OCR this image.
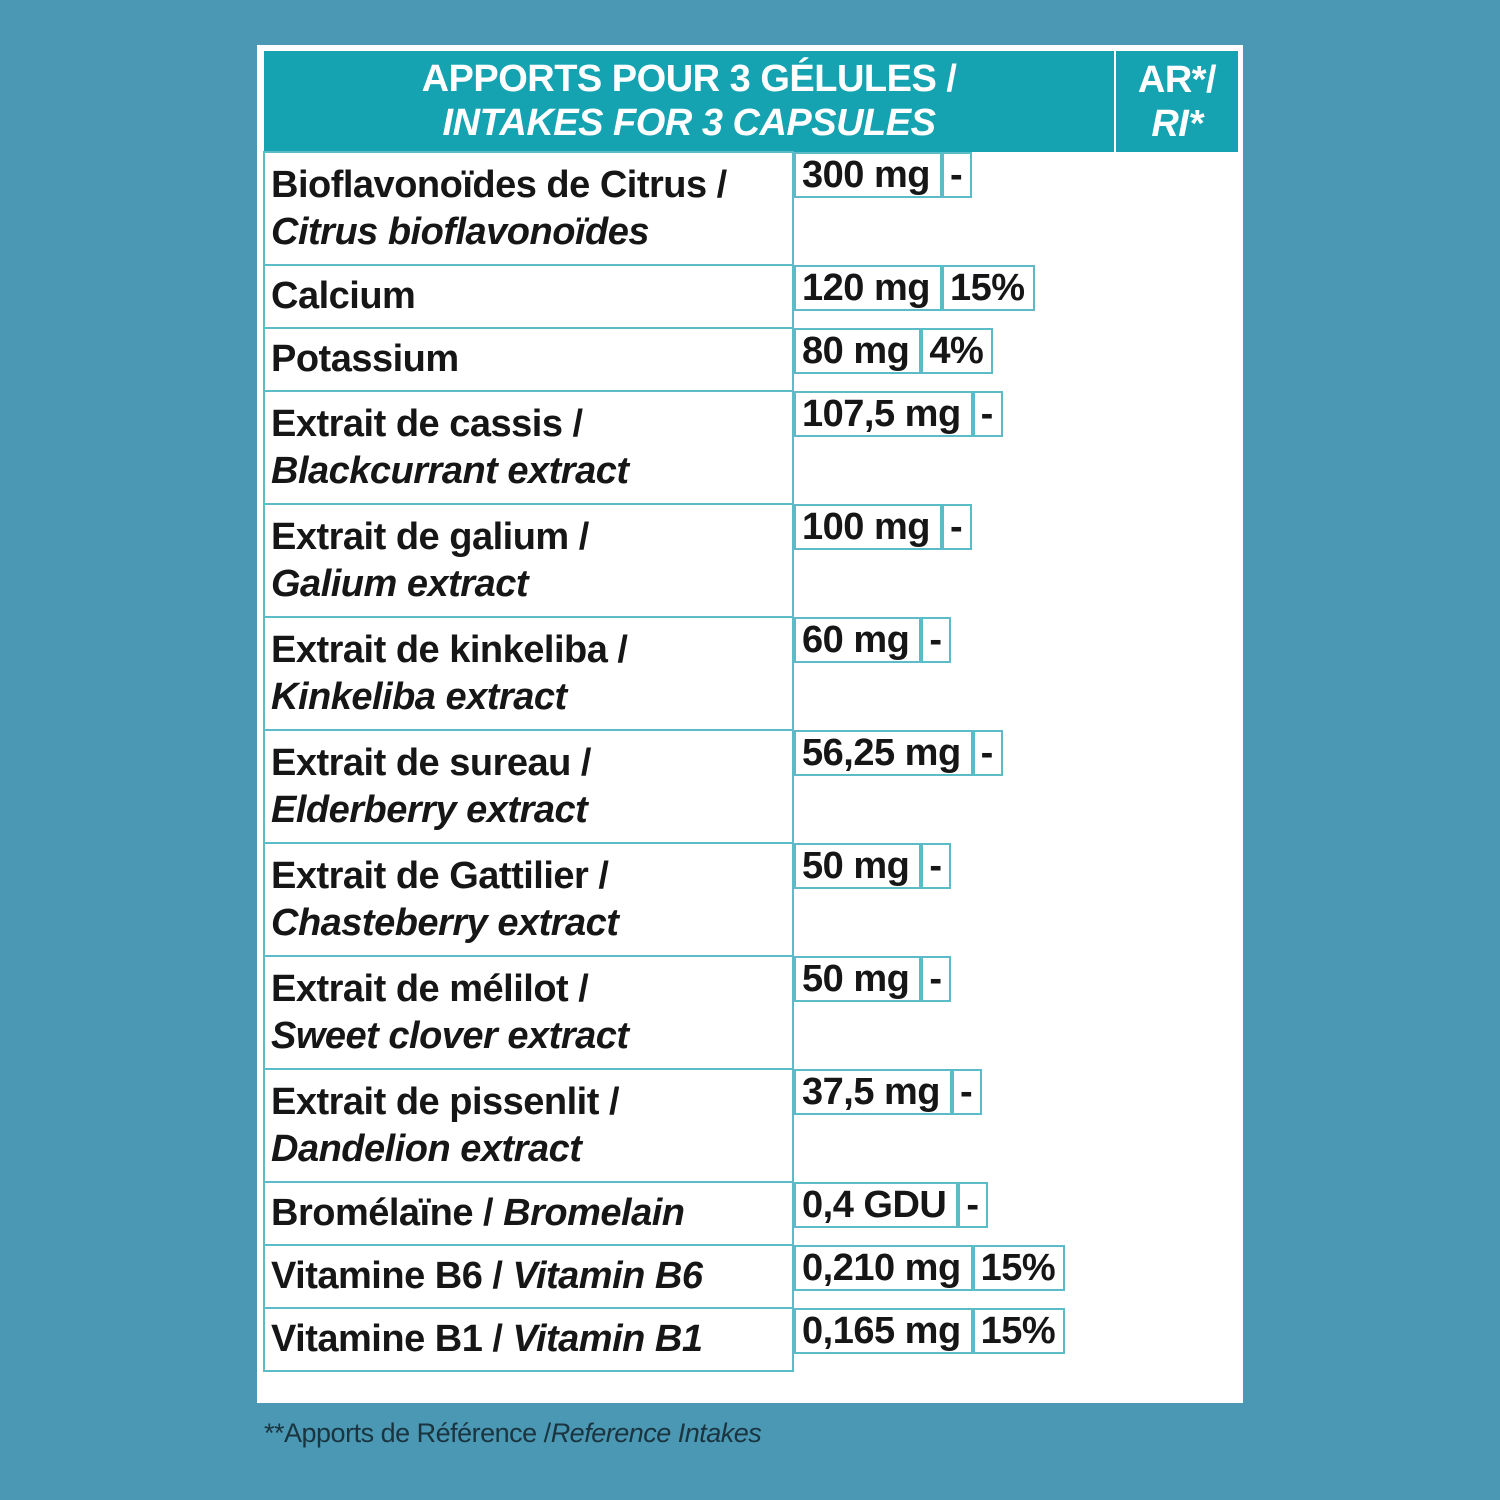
APPORTS POUR 3 GÉLULES /
INTAKES FOR 3 CAPSULES	AR*/
RI*

Bioflavonoïdes de Citrus /
Citrus bioflavonoïdes
	300 mg -
Calcium		120 mg 15%
Potassium		80 mg 4%

Extrait de cassis /
Blackcurrant extract
	107,5 mg -

Extrait de galium /
Galium extract
	100 mg -

Extrait de kinkeliba /
Kinkeliba extract
	60 mg -

Extrait de sureau /
Elderberry extract
	56,25 mg -

Extrait de Gattilier /
Chasteberry extract
	50 mg -

Extrait de mélilot /
Sweet clover extract
	50 mg -

Extrait de pissenlit /
Dandelion extract
	37,5 mg -
Bromélaïne / Bromelain		0,4 GDU -
Vitamine B6 / Vitamin B6		0,210 mg 15%
Vitamine B1 / Vitamin B1		0,165 mg 15%
**Apports de Référence /Reference Intakes
